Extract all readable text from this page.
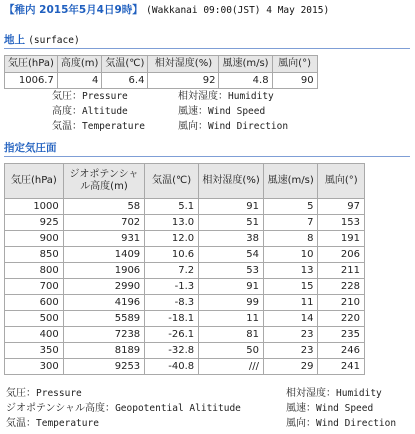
【稚内 2015年5月4日9時】 (Wakkanai 09:00(JST) 4 May 2015)
地上 (surface)
気圧(hPa)	高度(m)	気温(℃)	相対湿度(%)	風速(m/s)	風向(°)
1006.7	4	6.4	92	4.8	90
気圧：Pressure
高度：Altitude
気温：Temperature
相対湿度：Humidity
風速：Wind Speed
風向：Wind Direction
指定気圧面
気圧(hPa)	ジオポテンシャル高度(m)	気温(℃)	相対湿度(%)	風速(m/s)	風向(°)
1000	58	5.1	91	5	97
925	702	13.0	51	7	153
900	931	12.0	38	8	191
850	1409	10.6	54	10	206
800	1906	7.2	53	13	211
700	2990	-1.3	91	15	228
600	4196	-8.3	99	11	210
500	5589	-18.1	11	14	220
400	7238	-26.1	81	23	235
350	8189	-32.8	50	23	246
300	9253	-40.8	///	29	241
気圧：Pressure
ジオポテンシャル高度：Geopotential Alititude
気温：Temperature
相対湿度：Humidity
風速：Wind Speed
風向：Wind Direction
